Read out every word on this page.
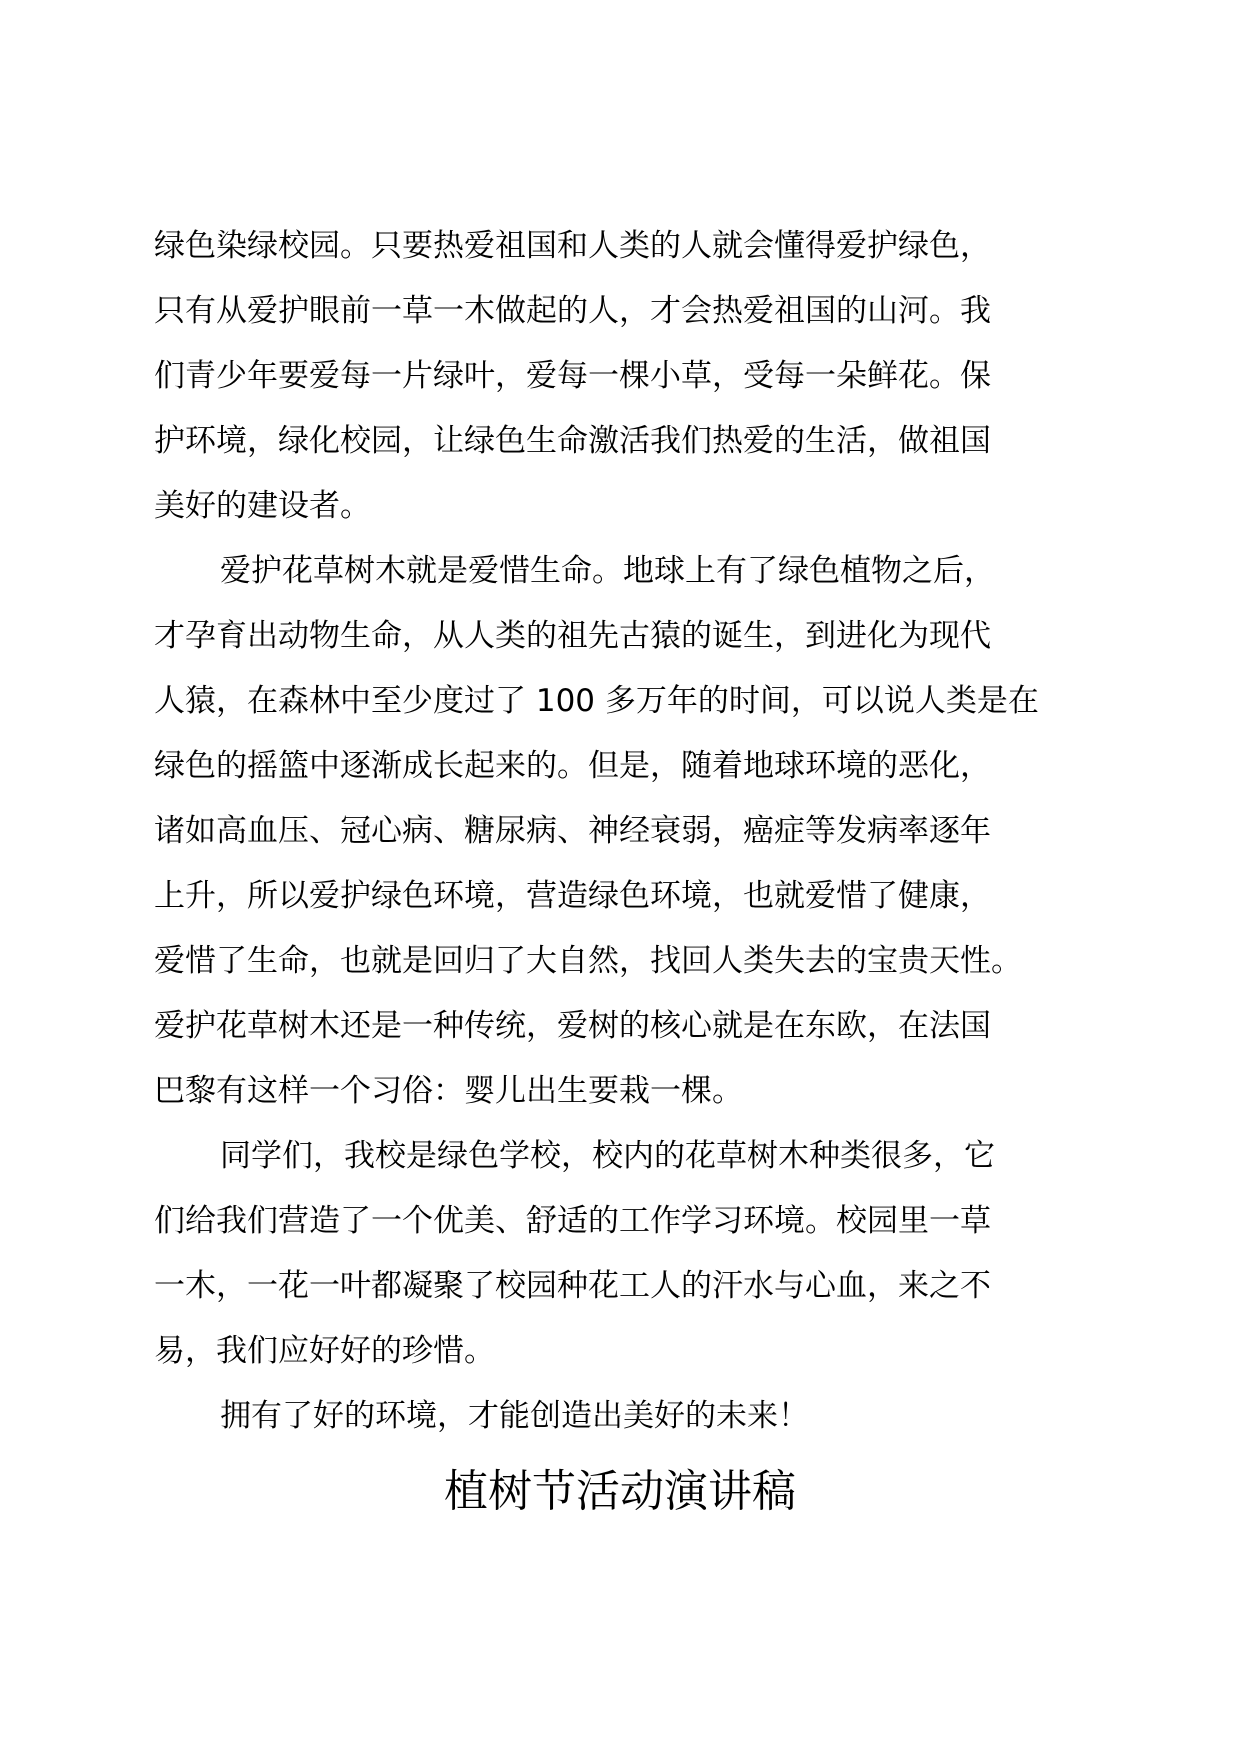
绿色染绿校园。只要热爱祖国和人类的人就会懂得爱护绿色，
只有从爱护眼前一草一木做起的人，才会热爱祖国的山河。我
们青少年要爱每一片绿叶，爱每一棵小草，受每一朵鲜花。保
护环境，绿化校园，让绿色生命激活我们热爱的生活，做祖国
美好的建设者。
爱护花草树木就是爱惜生命。地球上有了绿色植物之后，
才孕育出动物生命，从人类的祖先古猿的诞生，到进化为现代
人猿，在森林中至少度过了 100 多万年的时间，可以说人类是在
绿色的摇篮中逐渐成长起来的。但是，随着地球环境的恶化，
诸如高血压、冠心病、糖尿病、神经衰弱，癌症等发病率逐年
上升，所以爱护绿色环境，营造绿色环境，也就爱惜了健康，
爱惜了生命，也就是回归了大自然，找回人类失去的宝贵天性。
爱护花草树木还是一种传统，爱树的核心就是在东欧，在法国
巴黎有这样一个习俗：婴儿出生要栽一棵。
同学们，我校是绿色学校，校内的花草树木种类很多，它
们给我们营造了一个优美、舒适的工作学习环境。校园里一草
一木，一花一叶都凝聚了校园种花工人的汗水与心血，来之不
易，我们应好好的珍惜。
拥有了好的环境，才能创造出美好的未来！
植树节活动演讲稿
